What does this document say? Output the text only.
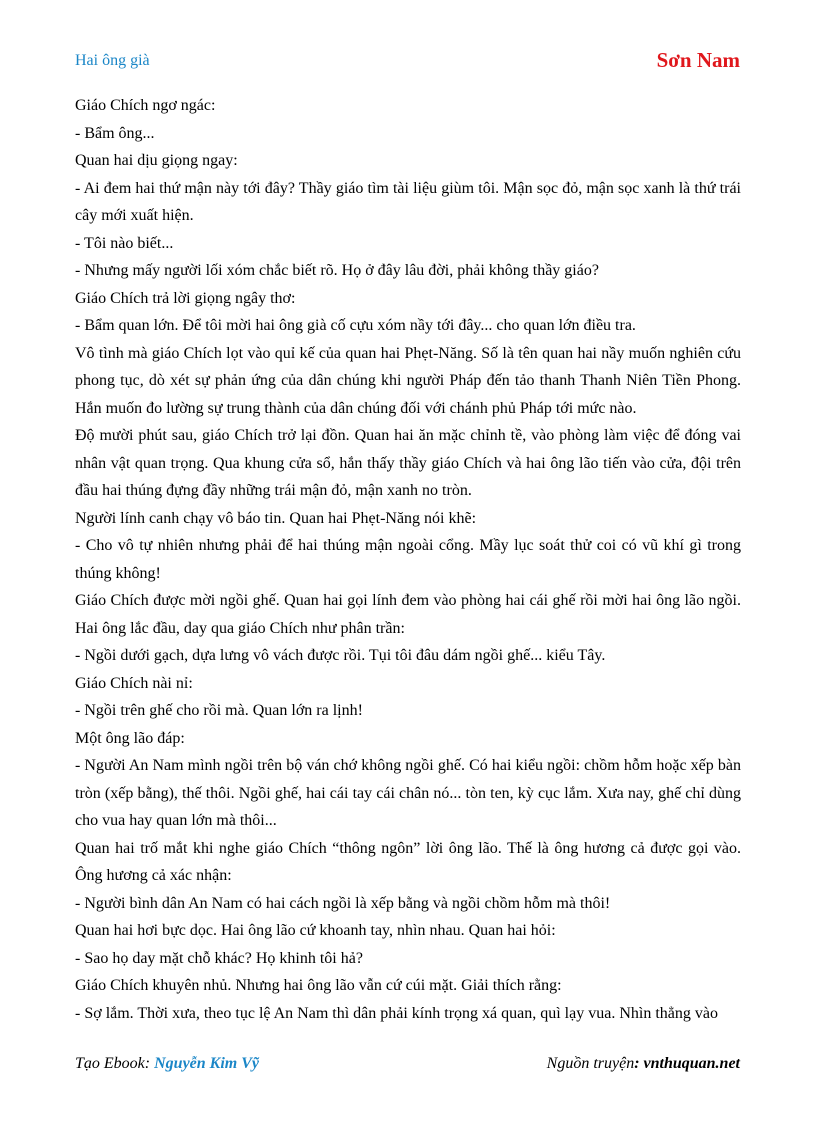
Hai ông già	Sơn Nam

Giáo Chích ngơ ngác:

- Bẩm ông...

Quan hai dịu giọng ngay:

- Ai đem hai thứ mận này tới đây? Thầy giáo tìm tài liệu giùm tôi. Mận sọc đỏ, mận sọc xanh là thứ trái cây mới xuất hiện.

- Tôi nào biết...

- Nhưng mấy người lối xóm chắc biết rõ. Họ ở đây lâu đời, phải không thầy giáo?

Giáo Chích trả lời giọng ngây thơ:

- Bẩm quan lớn. Để tôi mời hai ông già cố cựu xóm nầy tới đây... cho quan lớn điều tra.

Vô tình mà giáo Chích lọt vào quỉ kế của quan hai Phẹt-Năng. Số là tên quan hai nầy muốn nghiên cứu phong tục, dò xét sự phản ứng của dân chúng khi người Pháp đến tảo thanh Thanh Niên Tiền Phong. Hắn muốn đo lường sự trung thành của dân chúng đối với chánh phủ Pháp tới mức nào.

Độ mười phút sau, giáo Chích trở lại đồn. Quan hai ăn mặc chỉnh tề, vào phòng làm việc để đóng vai nhân vật quan trọng. Qua khung cửa sổ, hắn thấy thầy giáo Chích và hai ông lão tiến vào cửa, đội trên đầu hai thúng đựng đầy những trái mận đỏ, mận xanh no tròn.

Người lính canh chạy vô báo tin. Quan hai Phẹt-Năng nói khẽ:

- Cho vô tự nhiên nhưng phải để hai thúng mận ngoài cổng. Mầy lục soát thử coi có vũ khí gì trong thúng không!

Giáo Chích được mời ngồi ghế. Quan hai gọi lính đem vào phòng hai cái ghế rồi mời hai ông lão ngồi. Hai ông lắc đầu, day qua giáo Chích như phân trần:

- Ngồi dưới gạch, dựa lưng vô vách được rồi. Tụi tôi đâu dám ngồi ghế... kiểu Tây.

Giáo Chích nài nỉ:

- Ngồi trên ghế cho rồi mà. Quan lớn ra lịnh!

Một ông lão đáp:

- Người An Nam mình ngồi trên bộ ván chớ không ngồi ghế. Có hai kiểu ngồi: chồm hỗm hoặc xếp bàn tròn (xếp bằng), thế thôi. Ngồi ghế, hai cái tay cái chân nó... tòn ten, kỳ cục lắm. Xưa nay, ghế chỉ dùng cho vua hay quan lớn mà thôi...

Quan hai trố mắt khi nghe giáo Chích “thông ngôn” lời ông lão. Thế là ông hương cả được gọi vào. Ông hương cả xác nhận:

- Người bình dân An Nam có hai cách ngồi là xếp bằng và ngồi chồm hỗm mà thôi!

Quan hai hơi bực dọc. Hai ông lão cứ khoanh tay, nhìn nhau. Quan hai hỏi:

- Sao họ day mặt chỗ khác? Họ khinh tôi hả?

Giáo Chích khuyên nhủ. Nhưng hai ông lão vẫn cứ cúi mặt. Giải thích rằng:

- Sợ lắm. Thời xưa, theo tục lệ An Nam thì dân phải kính trọng xá quan, quì lạy vua. Nhìn thẳng vào

Tạo Ebook: Nguyễn Kim Vỹ	Nguồn truyện: vnthuquan.net
